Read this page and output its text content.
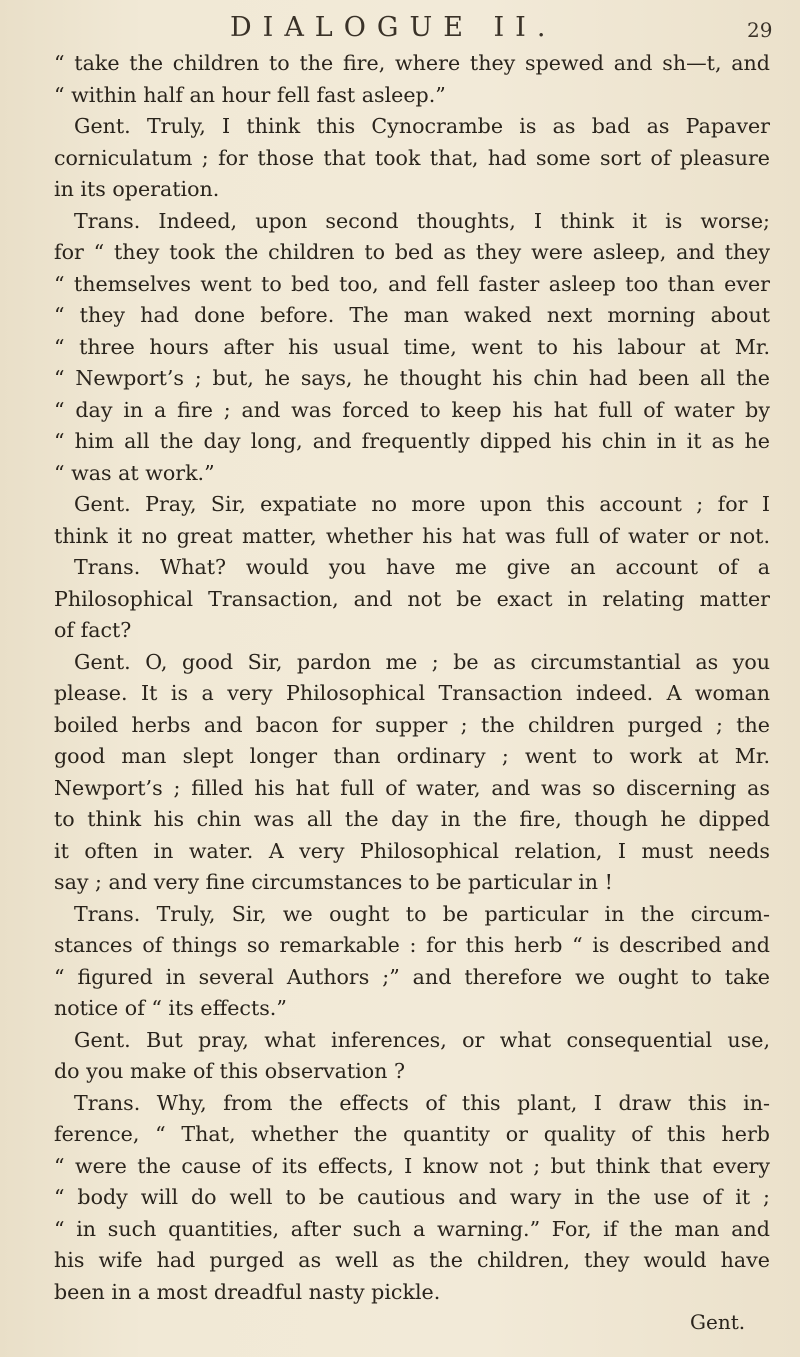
DIALOGUE II.	29
“ take the children to the fire, where they spewed and sh—t, and
“ within half an hour fell fast asleep.”
Gent. Truly, I think this Cynocrambe is as bad as Papaver
corniculatum ; for those that took that, had some sort of pleasure
in its operation.
Trans. Indeed, upon second thoughts, I think it is worse;
for “ they took the children to bed as they were asleep, and they
“ themselves went to bed too, and fell faster asleep too than ever
“ they had done before. The man waked next morning about
“ three hours after his usual time, went to his labour at Mr.
“ Newport’s ; but, he says, he thought his chin had been all the
“ day in a fire ; and was forced to keep his hat full of water by
“ him all the day long, and frequently dipped his chin in it as he
“ was at work.”
Gent. Pray, Sir, expatiate no more upon this account ; for I
think it no great matter, whether his hat was full of water or not.
Trans. What? would you have me give an account of a
Philosophical Transaction, and not be exact in relating matter
of fact?
Gent. O, good Sir, pardon me ; be as circumstantial as you
please. It is a very Philosophical Transaction indeed. A woman
boiled herbs and bacon for supper ; the children purged ; the
good man slept longer than ordinary ; went to work at Mr.
Newport’s ; filled his hat full of water, and was so discerning as
to think his chin was all the day in the fire, though he dipped
it often in water. A very Philosophical relation, I must needs
say ; and very fine circumstances to be particular in !
Trans. Truly, Sir, we ought to be particular in the circum-
stances of things so remarkable : for this herb “ is described and
“ figured in several Authors ;” and therefore we ought to take
notice of “ its effects.”
Gent. But pray, what inferences, or what consequential use,
do you make of this observation ?
Trans. Why, from the effects of this plant, I draw this in-
ference, “ That, whether the quantity or quality of this herb
“ were the cause of its effects, I know not ; but think that every
“ body will do well to be cautious and wary in the use of it ;
“ in such quantities, after such a warning.” For, if the man and
his wife had purged as well as the children, they would have
been in a most dreadful nasty pickle.
Gent.
